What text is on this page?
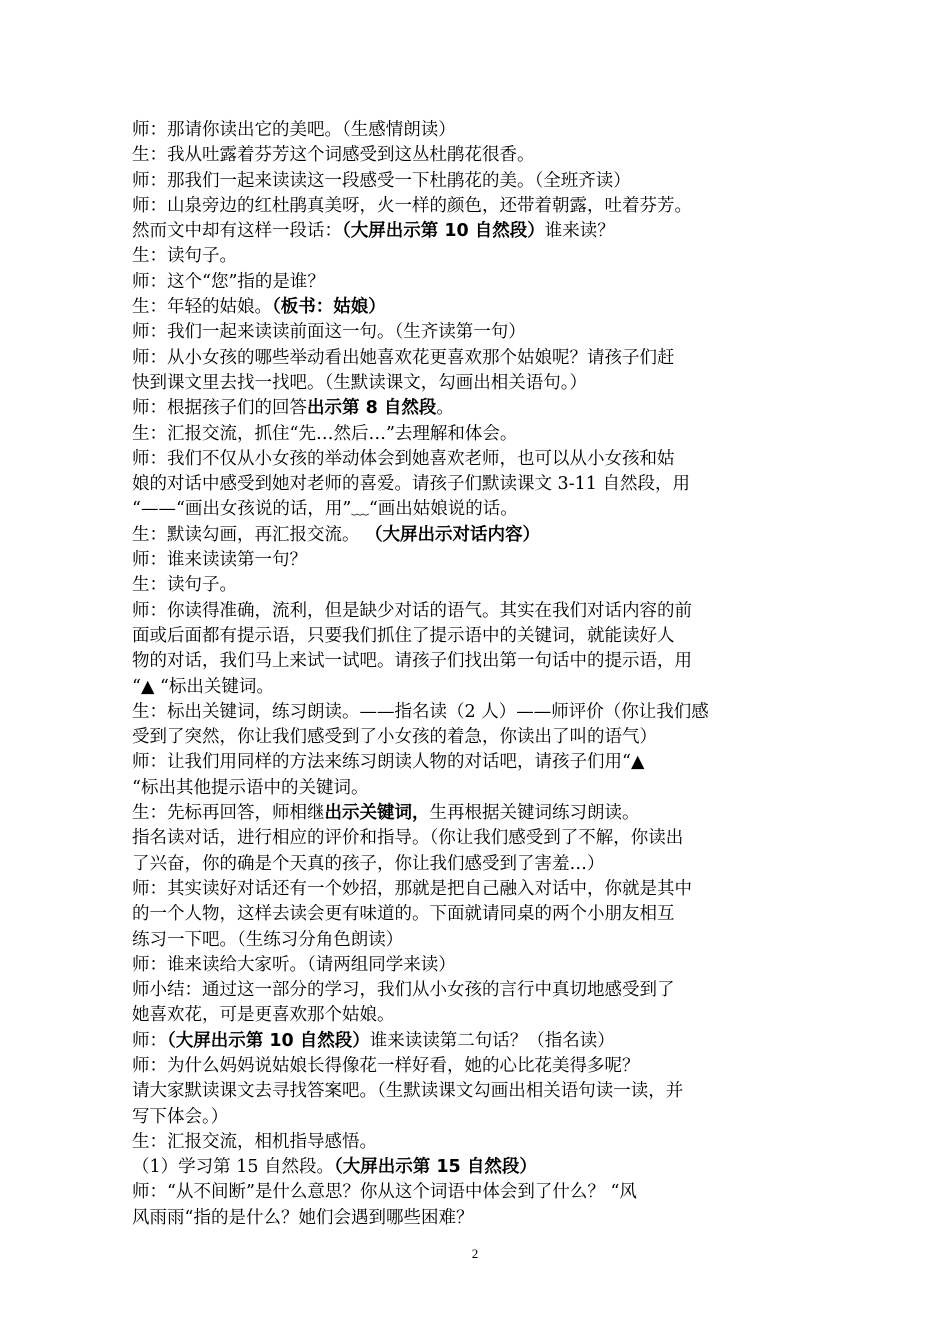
师：那请你读出它的美吧。（生感情朗读）
生：我从吐露着芬芳这个词感受到这丛杜鹃花很香。
师：那我们一起来读读这一段感受一下杜鹃花的美。（全班齐读）
师：山泉旁边的红杜鹃真美呀，火一样的颜色，还带着朝露，吐着芬芳。
然而文中却有这样一段话：（大屏出示第 10 自然段）谁来读？
生：读句子。
师：这个“您”指的是谁？
生：年轻的姑娘。（板书：姑娘）
师：我们一起来读读前面这一句。（生齐读第一句）
师：从小女孩的哪些举动看出她喜欢花更喜欢那个姑娘呢？请孩子们赶
快到课文里去找一找吧。（生默读课文，勾画出相关语句。）
师：根据孩子们的回答出示第 8 自然段。
生：汇报交流，抓住“先…然后…”去理解和体会。
师：我们不仅从小女孩的举动体会到她喜欢老师，也可以从小女孩和姑
娘的对话中感受到她对老师的喜爱。请孩子们默读课文 3-11 自然段，用
“——“画出女孩说的话，用”﹏“画出姑娘说的话。
生：默读勾画，再汇报交流。 （大屏出示对话内容）
师：谁来读读第一句？
生：读句子。
师：你读得准确，流利，但是缺少对话的语气。其实在我们对话内容的前
面或后面都有提示语，只要我们抓住了提示语中的关键词，就能读好人
物的对话，我们马上来试一试吧。请孩子们找出第一句话中的提示语，用
“▲ “标出关键词。
生：标出关键词，练习朗读。——指名读（2 人）——师评价（你让我们感
受到了突然，你让我们感受到了小女孩的着急，你读出了叫的语气）
师：让我们用同样的方法来练习朗读人物的对话吧，请孩子们用“▲
“标出其他提示语中的关键词。
生：先标再回答，师相继出示关键词，生再根据关键词练习朗读。
指名读对话，进行相应的评价和指导。（你让我们感受到了不解，你读出
了兴奋，你的确是个天真的孩子，你让我们感受到了害羞…）
师：其实读好对话还有一个妙招，那就是把自己融入对话中，你就是其中
的一个人物，这样去读会更有味道的。下面就请同桌的两个小朋友相互
练习一下吧。（生练习分角色朗读）
师：谁来读给大家听。（请两组同学来读）
师小结：通过这一部分的学习，我们从小女孩的言行中真切地感受到了
她喜欢花，可是更喜欢那个姑娘。
师：（大屏出示第 10 自然段）谁来读读第二句话？（指名读）
师：为什么妈妈说姑娘长得像花一样好看，她的心比花美得多呢？
请大家默读课文去寻找答案吧。（生默读课文勾画出相关语句读一读，并
写下体会。）
生：汇报交流，相机指导感悟。
（1）学习第 15 自然段。（大屏出示第 15 自然段）
师：“从不间断”是什么意思？你从这个词语中体会到了什么？ “风
风雨雨“指的是什么？她们会遇到哪些困难？
2
